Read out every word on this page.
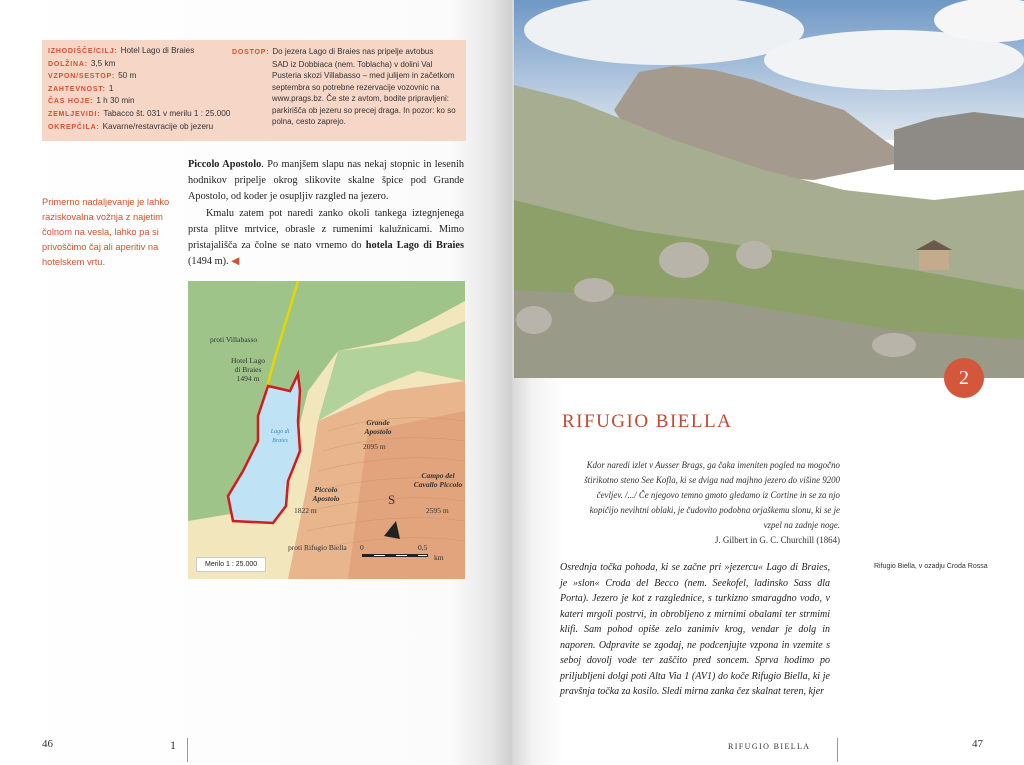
IZHODIŠČE/CILJ: Hotel Lago di Braies
DOLŽINA: 3,5 km
VZPON/SESTOP: 50 m
ZAHTEVNOST: 1
ČAS HOJE: 1 h 30 min
ZEMLJEVIDI: Tabacco št. 031 v merilu 1 : 25.000
OKREPČILA: Kavarne/restavracije ob jezeru
DOSTOP: Do jezera Lago di Braies nas pripelje avtobus
SAD iz Dobbiaca (nem. Toblacha) v dolini Val Pusteria skozi Villabasso – med julijem in začetkom septembra so potrebne rezervacije vozovnic na www.prags.bz. Če ste z avtom, bodite pripravljeni: parkirišča ob jezeru so precej draga. In pozor: ko so polna, cesto zaprejo.
Primerno nadaljevanje je lahko raziskovalna vožnja z najetim čolnom na vesla, lahko pa si privoščimo čaj ali aperitiv na hotelskem vrtu.
Piccolo Apostolo. Po manjšem slapu nas nekaj stopnic in lesenih hodnikov pripelje okrog slikovite skalne špice pod Grande Apostolo, od koder je osupljiv razgled na jezero.
Kmalu zatem pot naredi zanko okoli tankega iztegnjenega prsta plitve mrtvice, obrasle z rumenimi kalužnicami. Mimo pristajališča za čolne se nato vrnemo do hotela Lago di Braies (1494 m). ◀
proti Villabasso
Hotel Lago di Braies 1494 m
Lago di Braies
Grande Apostolo
2095 m
Piccolo Apostolo
1822 m
Campo del Cavallo Piccolo
2595 m
S
proti Rifugio Biella 0	0,5
km
Merilo 1 : 25.000
46	1
2
RIFUGIO BIELLA
Kdor naredi izlet v Ausser Brags, ga čaka imeniten pogled na mogočno štirikotno steno See Kofla, ki se dviga nad majhno jezero do višine 9200 čevljev. /.../ Če njegovo temno gmoto gledamo iz Cortine in se za njo kopičijo nevihtni oblaki, je čudovito podobna orjaškemu slonu, ki se je vzpel na zadnje noge.
J. Gilbert in G. C. Churchill (1864)
Rifugio Biella, v ozadju Croda Rossa
Osrednja točka pohoda, ki se začne pri »jezercu« Lago di Braies, je »slon« Croda del Becco (nem. Seekofel, ladinsko Sass dla Porta). Jezero je kot z razglednice, s turkizno smaragdno vodo, v kateri mrgoli postrvi, in obrobljeno z mirnimi obalami ter strmimi klifi. Sam pohod opiše zelo zanimiv krog, vendar je dolg in naporen. Odpravite se zgodaj, ne podcenjujte vzpona in vzemite s seboj dovolj vode ter zaščito pred soncem. Sprva hodimo po priljubljeni dolgi poti Alta Via 1 (AV1) do koče Rifugio Biella, ki je pravšnja točka za kosilo. Sledi mirna zanka čez skalnat teren, kjer
RIFUGIO BIELLA	47
